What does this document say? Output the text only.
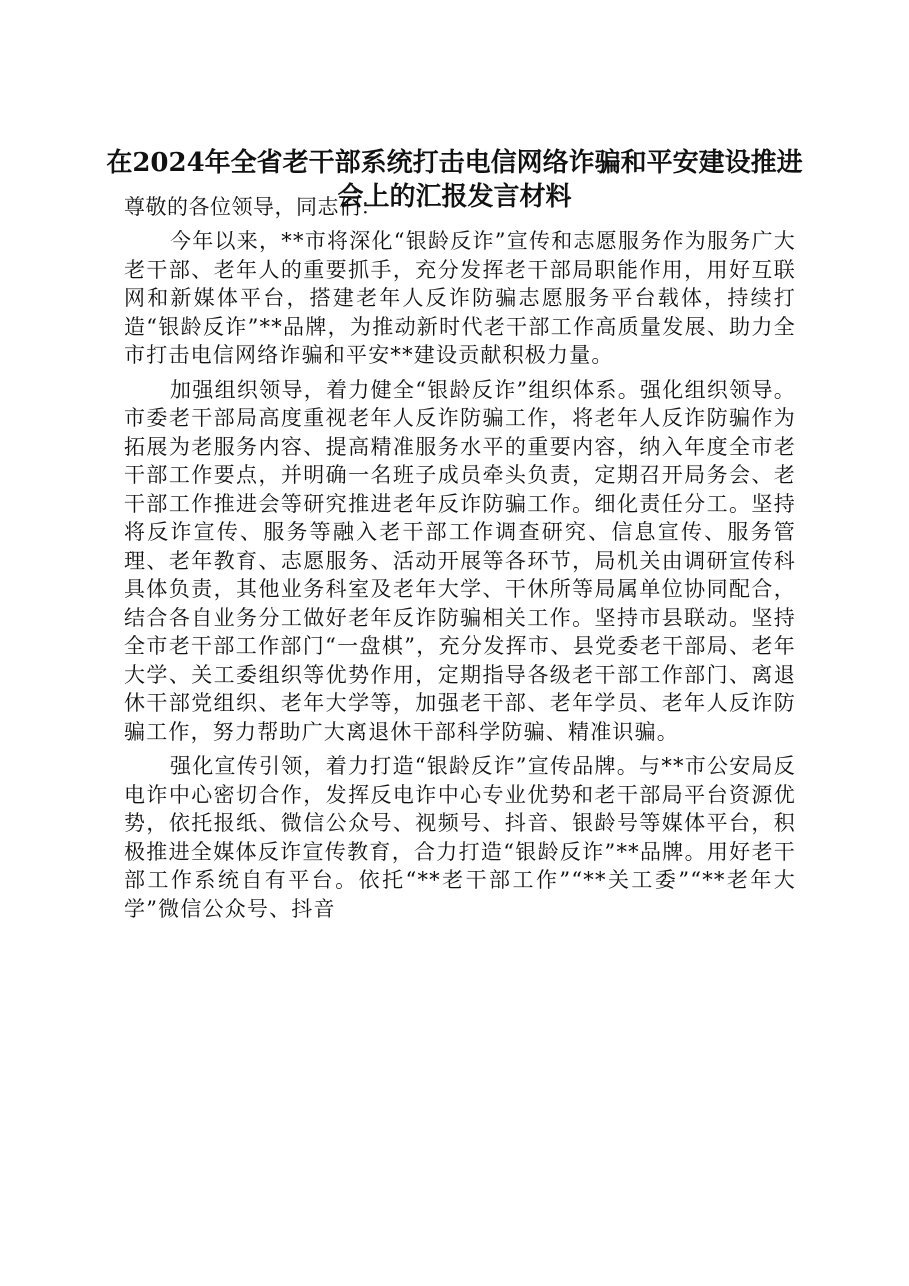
在2024年全省老干部系统打击电信网络诈骗和平安建设推进会上的汇报发言材料

尊敬的各位领导，同志们：

今年以来，**市将深化“银龄反诈”宣传和志愿服务作为服务广大老干部、老年人的重要抓手，充分发挥老干部局职能作用，用好互联网和新媒体平台，搭建老年人反诈防骗志愿服务平台载体，持续打造“银龄反诈”**品牌，为推动新时代老干部工作高质量发展、助力全市打击电信网络诈骗和平安**建设贡献积极力量。

加强组织领导，着力健全“银龄反诈”组织体系。强化组织领导。市委老干部局高度重视老年人反诈防骗工作，将老年人反诈防骗作为拓展为老服务内容、提高精准服务水平的重要内容，纳入年度全市老干部工作要点，并明确一名班子成员牵头负责，定期召开局务会、老干部工作推进会等研究推进老年反诈防骗工作。细化责任分工。坚持将反诈宣传、服务等融入老干部工作调查研究、信息宣传、服务管理、老年教育、志愿服务、活动开展等各环节，局机关由调研宣传科具体负责，其他业务科室及老年大学、干休所等局属单位协同配合，结合各自业务分工做好老年反诈防骗相关工作。坚持市县联动。坚持全市老干部工作部门“一盘棋”，充分发挥市、县党委老干部局、老年大学、关工委组织等优势作用，定期指导各级老干部工作部门、离退休干部党组织、老年大学等，加强老干部、老年学员、老年人反诈防骗工作，努力帮助广大离退休干部科学防骗、精准识骗。

强化宣传引领，着力打造“银龄反诈”宣传品牌。与**市公安局反电诈中心密切合作，发挥反电诈中心专业优势和老干部局平台资源优势，依托报纸、微信公众号、视频号、抖音、银龄号等媒体平台，积极推进全媒体反诈宣传教育，合力打造“银龄反诈”**品牌。用好老干部工作系统自有平台。依托“**老干部工作”“**关工委”“**老年大学”微信公众号、抖音
